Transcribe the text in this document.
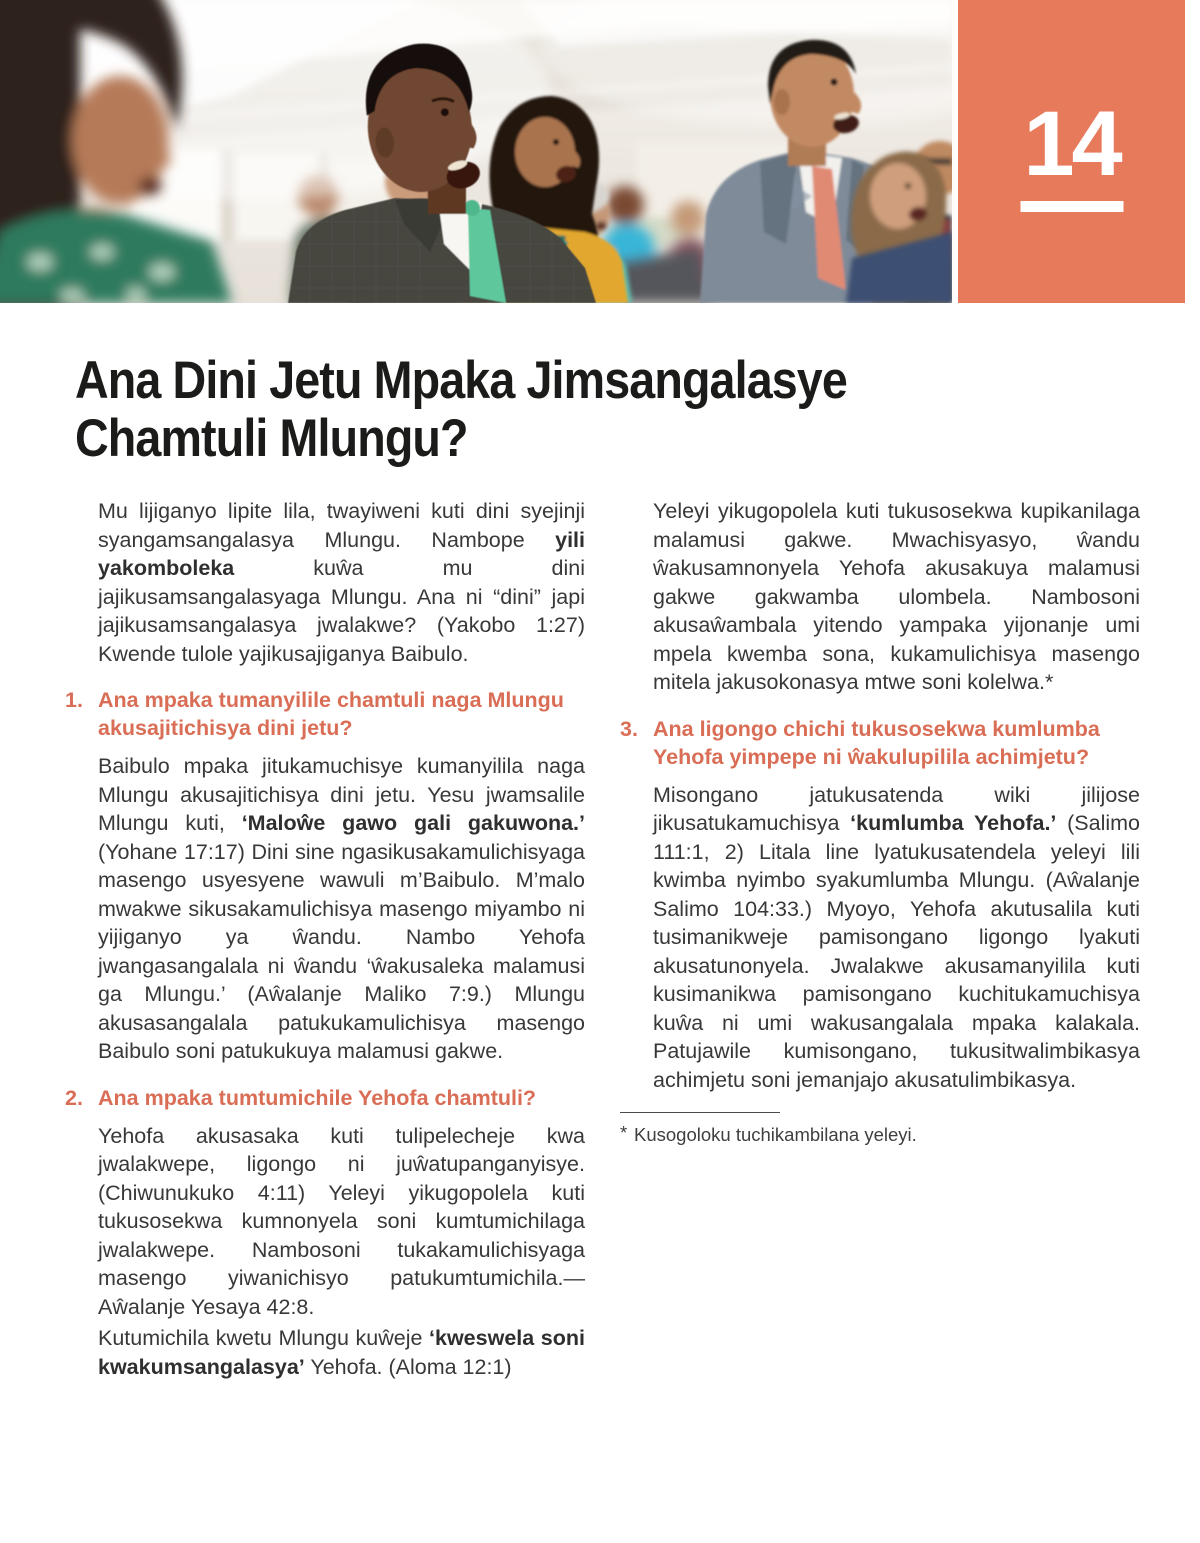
14
Ana Dini Jetu Mpaka Jimsangalasye
Chamtuli Mlungu?

Mu lijiganyo lipite lila, twayiweni kuti dini syejinji syangamsangalasya Mlungu. Nambope yili yakomboleka kuŵa mu dini jajikusamsangalasyaga Mlungu. Ana ni “dini” japi jajikusamsangalasya jwalakwe? (Yakobo 1:27) Kwende tulole yajikusajiganya Baibulo.

1. Ana mpaka tumanyilile chamtuli naga Mlungu akusajitichisya dini jetu?

Baibulo mpaka jitukamuchisye kumanyilila naga Mlungu akusajitichisya dini jetu. Yesu jwamsalile Mlungu kuti, ‘Maloŵe gawo gali gakuwona.’ (Yohane 17:17) Dini sine ngasikusakamulichisyaga masengo usyesyene wawuli m’Baibulo. M’malo mwakwe sikusakamulichisya masengo miyambo ni yijiganyo ya ŵandu. Nambo Yehofa jwangasangalala ni ŵandu ‘ŵakusaleka malamusi ga Mlungu.’ (Aŵalanje Maliko 7:9.) Mlungu akusasangalala patukukamulichisya masengo Baibulo soni patukukuya malamusi gakwe.

2. Ana mpaka tumtumichile Yehofa chamtuli?

Yehofa akusasaka kuti tulipelecheje kwa jwalakwepe, ligongo ni juŵatupanganyisye. (Chiwunukuko 4:11) Yeleyi yikugopolela kuti tukusosekwa kumnonyela soni kumtumichilaga jwalakwepe. Nambosoni tukakamulichisyaga masengo yiwanichisyo patukumtumichila.—Aŵalanje Yesaya 42:8.

Kutumichila kwetu Mlungu kuŵeje ‘kweswela soni kwakumsangalasya’ Yehofa. (Aloma 12:1)

Yeleyi yikugopolela kuti tukusosekwa kupikanilaga malamusi gakwe. Mwachisyasyo, ŵandu ŵakusamnonyela Yehofa akusakuya malamusi gakwe gakwamba ulombela. Nambosoni akusaŵambala yitendo yampaka yijonanje umi mpela kwemba sona, kukamulichisya masengo mitela jakusokonasya mtwe soni kolelwa.*

3. Ana ligongo chichi tukusosekwa kumlumba Yehofa yimpepe ni ŵakulupilila achimjetu?

Misongano jatukusatenda wiki jilijose jikusatukamuchisya ‘kumlumba Yehofa.’ (Salimo 111:1, 2) Litala line lyatukusatendela yeleyi lili kwimba nyimbo syakumlumba Mlungu. (Aŵalanje Salimo 104:33.) Myoyo, Yehofa akutusalila kuti tusimanikweje pamisongano ligongo lyakuti akusatunonyela. Jwalakwe akusamanyilila kuti kusimanikwa pamisongano kuchitukamuchisya kuŵa ni umi wakusangalala mpaka kalakala. Patujawile kumisongano, tukusitwalimbikasya achimjetu soni jemanjajo akusatulimbikasya.

* Kusogoloku tuchikambilana yeleyi.
